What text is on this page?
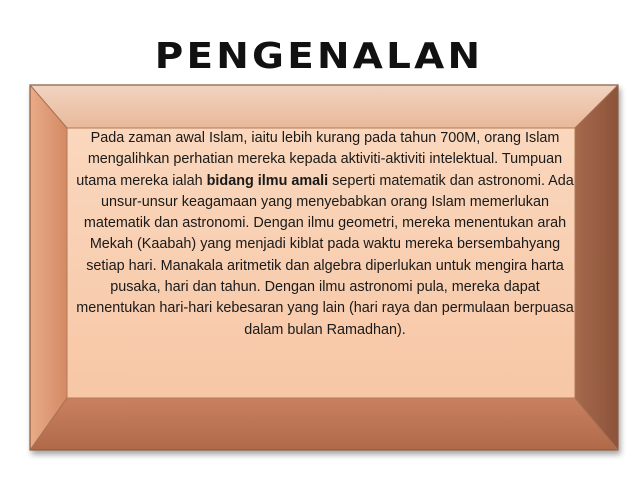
PENGENALAN
Pada zaman awal Islam, iaitu lebih kurang pada tahun 700M, orang Islam mengalihkan perhatian mereka kepada aktiviti-aktiviti intelektual. Tumpuan utama mereka ialah bidang ilmu amali seperti matematik dan astronomi. Ada unsur-unsur keagamaan yang menyebabkan orang Islam memerlukan matematik dan astronomi. Dengan ilmu geometri, mereka menentukan arah Mekah (Kaabah) yang menjadi kiblat pada waktu mereka bersembahyang setiap hari. Manakala aritmetik dan algebra diperlukan untuk mengira harta pusaka, hari dan tahun. Dengan ilmu astronomi pula, mereka dapat menentukan hari-hari kebesaran yang lain (hari raya dan permulaan berpuasa dalam bulan Ramadhan).
